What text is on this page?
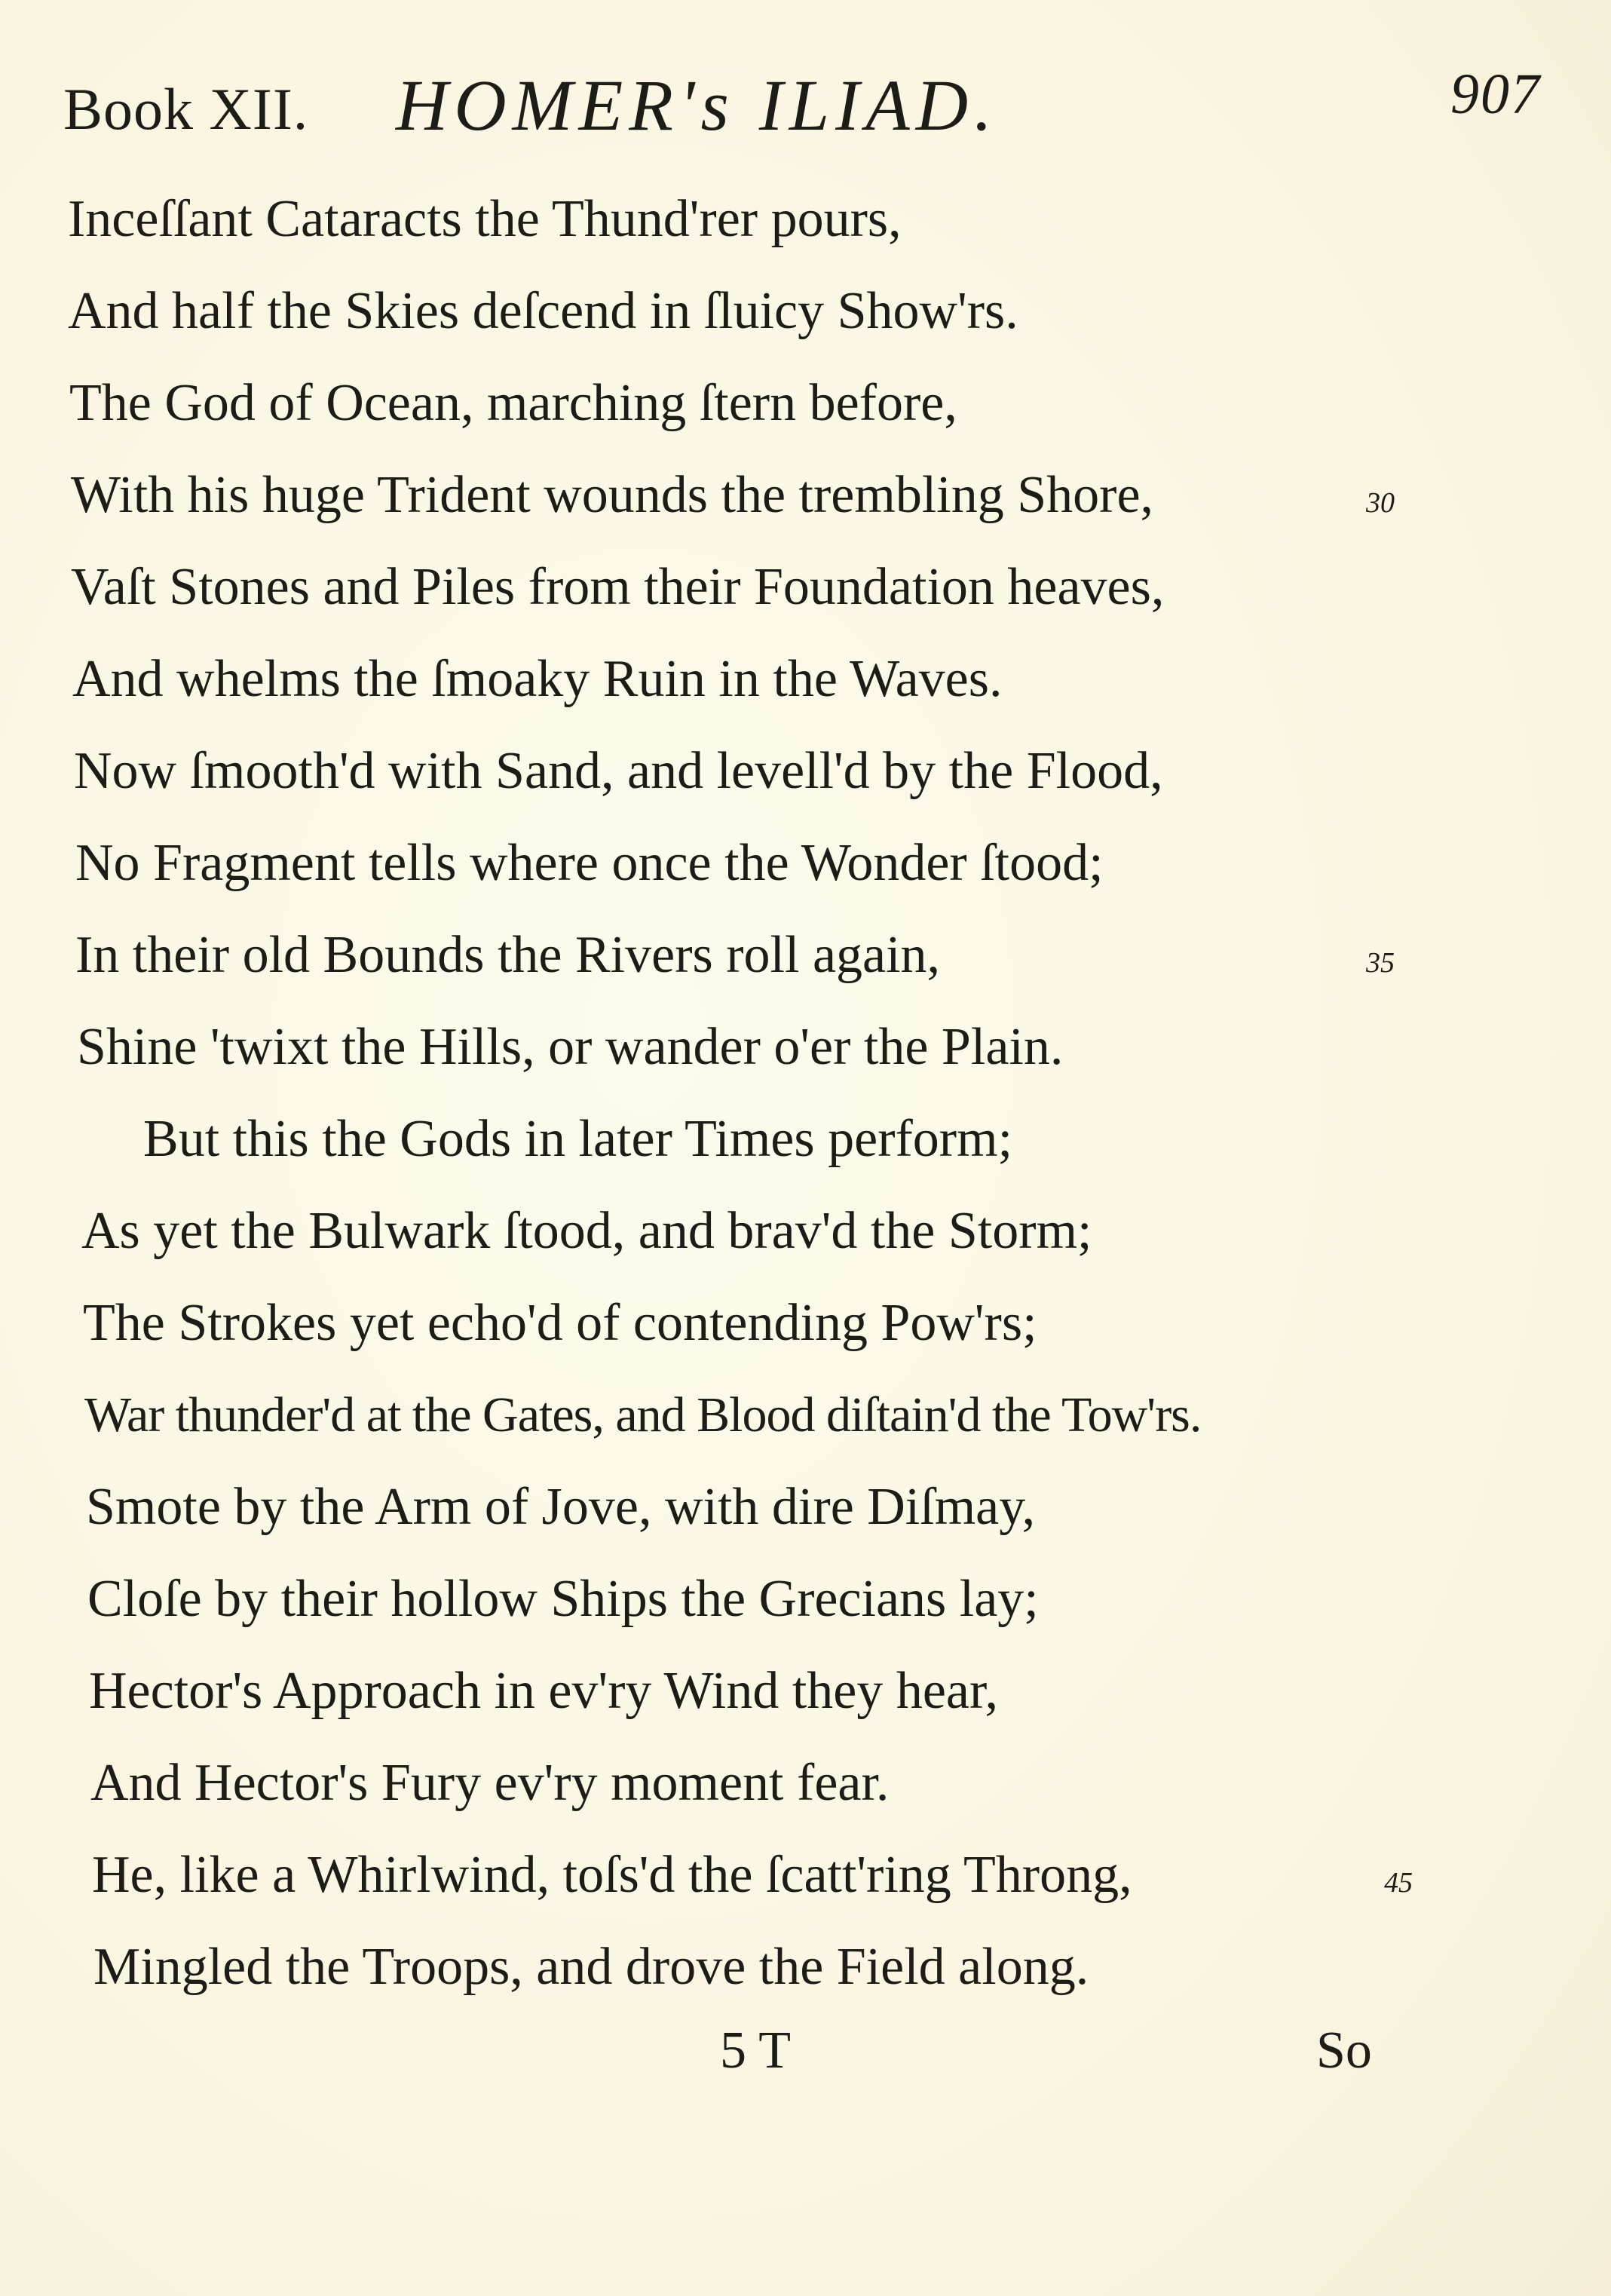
Book XII. HOMER's ILIAD.	907
Inceſſant Cataracts the Thund'rer pours,
And half the Skies deſcend in ſluicy Show'rs.
The God of Ocean, marching ſtern before,
With his huge Trident wounds the trembling Shore,	30
Vaſt Stones and Piles from their Foundation heaves,
And whelms the ſmoaky Ruin in the Waves.
Now ſmooth'd with Sand, and levell'd by the Flood,
No Fragment tells where once the Wonder ſtood;
In their old Bounds the Rivers roll again,	35
Shine 'twixt the Hills, or wander o'er the Plain.
But this the Gods in later Times perform;
As yet the Bulwark ſtood, and brav'd the Storm;
The Strokes yet echo'd of contending Pow'rs;
War thunder'd at the Gates, and Blood diſtain'd the Tow'rs.
Smote by the Arm of Jove, with dire Diſmay,
Cloſe by their hollow Ships the Grecians lay;
Hector's Approach in ev'ry Wind they hear,
And Hector's Fury ev'ry moment fear.
He, like a Whirlwind, toſs'd the ſcatt'ring Throng,	45
Mingled the Troops, and drove the Field along.
5 T	So
